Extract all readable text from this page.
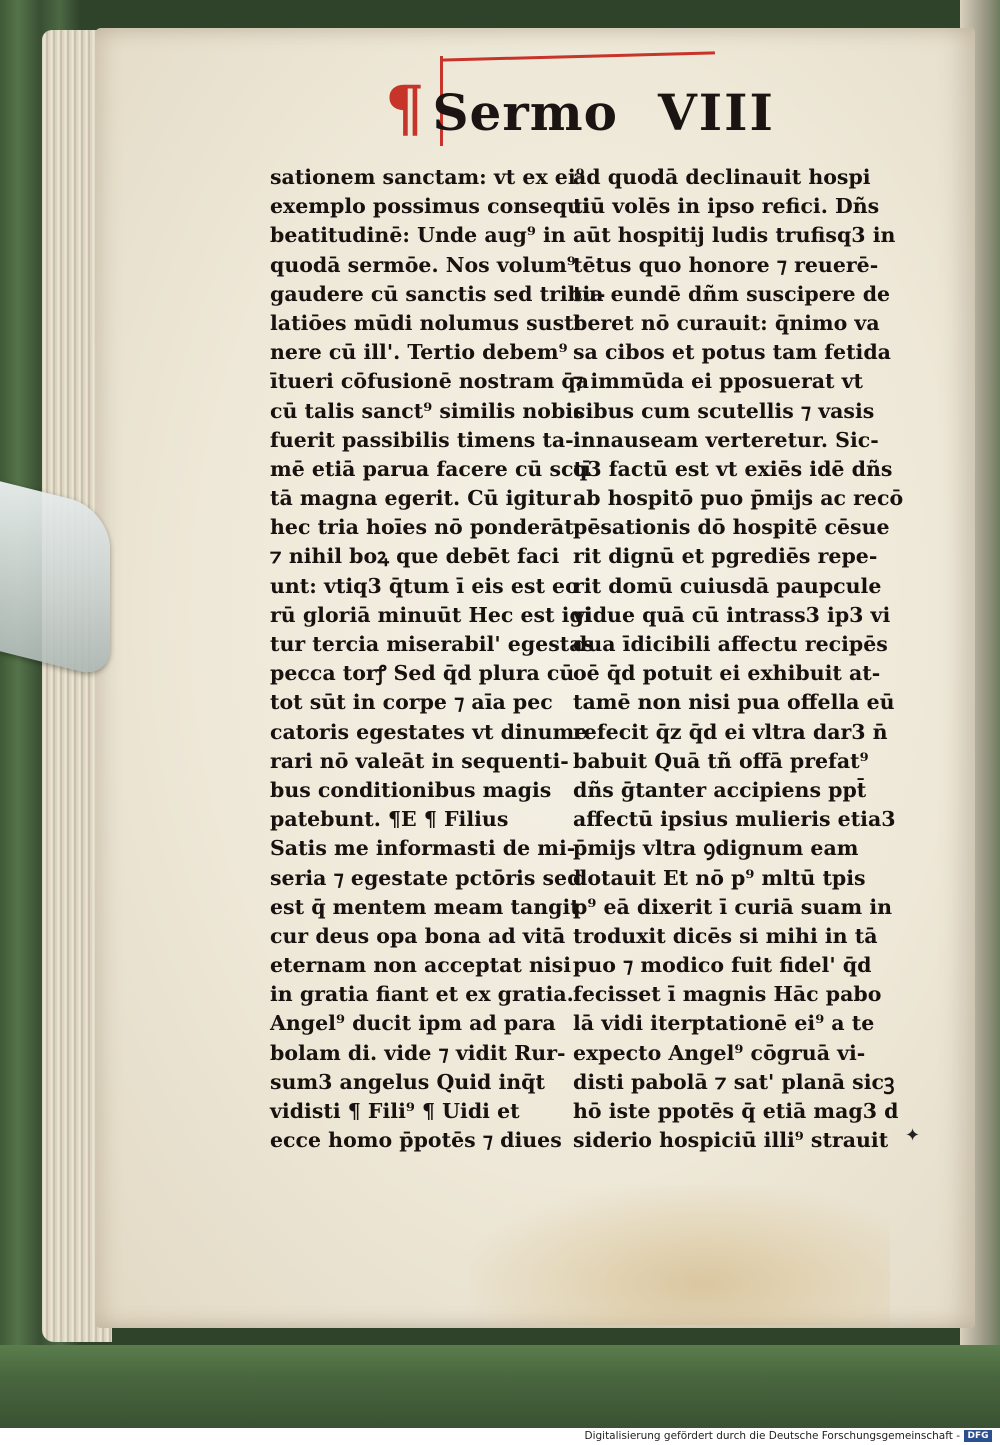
¶ Sermo VIII
sationem sanctam: vt ex ei⁹
exemplo possimus consequi
beatitudinē: Unde aug⁹ in
quodā sermōe. Nos volum⁹
gaudere cū sanctis sed tribu-
latiōes mūdi nolumus susti
nere cū ill'. Tertio debem⁹
ītueri cōfusionē nostram q̄a
cū talis sanct⁹ similis nobis
fuerit passibilis timens ta-
mē etiā parua facere cū sctī
tā magna egerit. Cū igitur
hec tria hoīes nō ponderāt
⁊ nihil boꝝ que debēt faci
unt: vtiq3 q̄tum ī eis est eo
rū gloriā minuūt Hec est igi
tur tercia miserabil' egestas
pecca torꝭ Sed q̄d plura cū
tot sūt in corpe ⁊ aīa pec
catoris egestates vt dinume
rari nō valeāt in sequenti-
bus conditionibus magis
patebunt. ¶E ¶ Filius
Satis me informasti de mi-
seria ⁊ egestate pctōris sed
est q̄ mentem meam tangit
cur deus opa bona ad vitā
eternam non acceptat nisi
in gratia fiant et ex gratia.
Angel⁹ ducit ipm ad para
bolam di. vide ⁊ vidit Rur-
sum3 angelus Quid inq̄t
vidisti ¶ Fili⁹ ¶ Uidi et
ecce homo p̄potēs ⁊ diues
ad quodā declinauit hospi
tiū volēs in ipso refici. Dñs
aūt hospitij ludis trufisq3 in
tētus quo honore ⁊ reuerē-
tia eundē dñm suscipere de
beret nō curauit: q̄nimo va
sa cibos et potus tam fetida
⁊ immūda ei pposuerat vt
cibus cum scutellis ⁊ vasis
innauseam verteretur. Sic-
q3 factū est vt exiēs idē dñs
ab hospitō puo p̄mijs ac recō
pēsationis dō hospitē cēsue
rit dignū et pgrediēs repe-
rit domū cuiusdā paupcule
vidue quā cū intrass3 ip3 vi
dua īdicibili affectu recipēs
oē q̄d potuit ei exhibuit at-
tamē non nisi pua offella eū
refecit q̄z q̄d ei vltra dar3 n̄
babuit Quā tñ offā prefat⁹
dñs ḡtanter accipiens ppt̄
affectū ipsius mulieris etia3
p̄mijs vltra ꝯdignum eam
dotauit Et nō p⁹ mltū tpis
p⁹ eā dixerit ī curiā suam in
troduxit dicēs si mihi in tā
puo ⁊ modico fuit fidel' q̄d
fecisset ī magnis Hāc pabo
lā vidi iterptationē ei⁹ a te
expecto Angel⁹ cōgruā vi-
disti pabolā ⁊ sat' planā sicꝫ
hō iste ppotēs q̄ etiā mag3 d
siderio hospiciū illi⁹ strauit ✦
Digitalisierung gefördert durch die Deutsche Forschungsgemeinschaft - DFG
